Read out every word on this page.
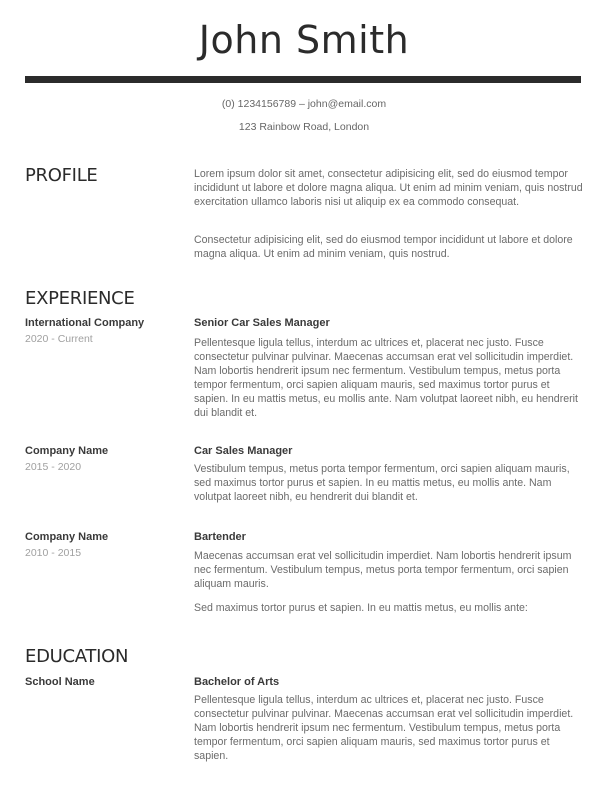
John Smith
(0) 1234156789 – john@email.com
123 Rainbow Road, London
PROFILE	Lorem ipsum dolor sit amet, consectetur adipisicing elit, sed do eiusmod tempor incididunt ut labore et dolore magna aliqua. Ut enim ad minim veniam, quis nostrud exercitation ullamco laboris nisi ut aliquip ex ea commodo consequat.

Consectetur adipisicing elit, sed do eiusmod tempor incididunt ut labore et dolore magna aliqua. Ut enim ad minim veniam, quis nostrud.

EXPERIENCE
International Company
2020 - Current
Senior Car Sales Manager

Pellentesque ligula tellus, interdum ac ultrices et, placerat nec justo. Fusce consectetur pulvinar pulvinar. Maecenas accumsan erat vel sollicitudin imperdiet. Nam lobortis hendrerit ipsum nec fermentum. Vestibulum tempus, metus porta tempor fermentum, orci sapien aliquam mauris, sed maximus tortor purus et sapien. In eu mattis metus, eu mollis ante. Nam volutpat laoreet nibh, eu hendrerit dui blandit et.

Company Name
2015 - 2020
Car Sales Manager

Vestibulum tempus, metus porta tempor fermentum, orci sapien aliquam mauris, sed maximus tortor purus et sapien. In eu mattis metus, eu mollis ante. Nam volutpat laoreet nibh, eu hendrerit dui blandit et.

Company Name
2010 - 2015
Bartender

Maecenas accumsan erat vel sollicitudin imperdiet. Nam lobortis hendrerit ipsum nec fermentum. Vestibulum tempus, metus porta tempor fermentum, orci sapien aliquam mauris.

Sed maximus tortor purus et sapien. In eu mattis metus, eu mollis ante:

EDUCATION
School Name	Bachelor of Arts

Pellentesque ligula tellus, interdum ac ultrices et, placerat nec justo. Fusce consectetur pulvinar pulvinar. Maecenas accumsan erat vel sollicitudin imperdiet. Nam lobortis hendrerit ipsum nec fermentum. Vestibulum tempus, metus porta tempor fermentum, orci sapien aliquam mauris, sed maximus tortor purus et sapien.
